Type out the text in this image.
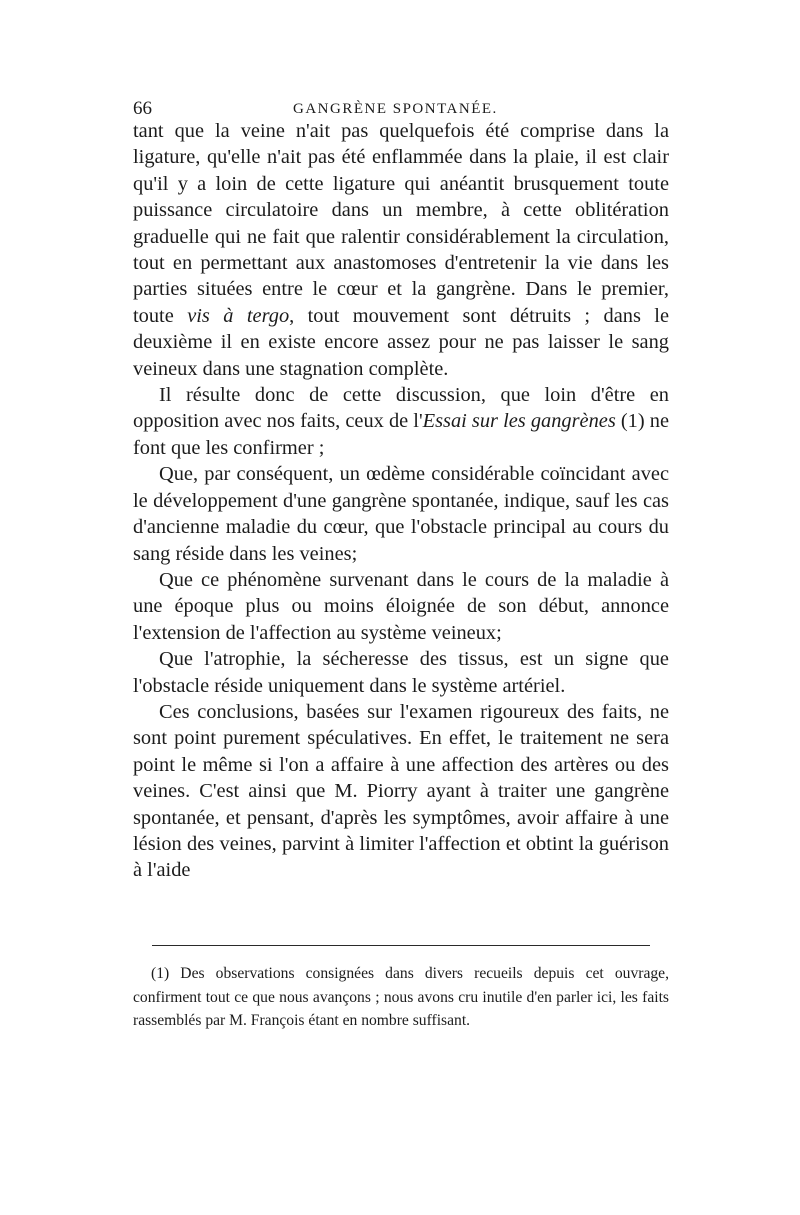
66	GANGRÈNE SPONTANÉE.

tant que la veine n'ait pas quelquefois été comprise dans la ligature, qu'elle n'ait pas été enflammée dans la plaie, il est clair qu'il y a loin de cette ligature qui anéantit brusquement toute puissance circulatoire dans un membre, à cette oblitération graduelle qui ne fait que ralentir considérablement la circulation, tout en permettant aux anastomoses d'entretenir la vie dans les parties situées entre le cœur et la gangrène. Dans le premier, toute vis à tergo, tout mouvement sont détruits ; dans le deuxième il en existe encore assez pour ne pas laisser le sang veineux dans une stagnation complète.

Il résulte donc de cette discussion, que loin d'être en opposition avec nos faits, ceux de l'Essai sur les gangrènes (1) ne font que les confirmer ;

Que, par conséquent, un œdème considérable coïncidant avec le développement d'une gangrène spontanée, indique, sauf les cas d'ancienne maladie du cœur, que l'obstacle principal au cours du sang réside dans les veines;

Que ce phénomène survenant dans le cours de la maladie à une époque plus ou moins éloignée de son début, annonce l'extension de l'affection au système veineux;

Que l'atrophie, la sécheresse des tissus, est un signe que l'obstacle réside uniquement dans le système artériel.

Ces conclusions, basées sur l'examen rigoureux des faits, ne sont point purement spéculatives. En effet, le traitement ne sera point le même si l'on a affaire à une affection des artères ou des veines. C'est ainsi que M. Piorry ayant à traiter une gangrène spontanée, et pensant, d'après les symptômes, avoir affaire à une lésion des veines, parvint à limiter l'affection et obtint la guérison à l'aide

(1) Des observations consignées dans divers recueils depuis cet ouvrage, confirment tout ce que nous avançons ; nous avons cru inutile d'en parler ici, les faits rassemblés par M. François étant en nombre suffisant.
